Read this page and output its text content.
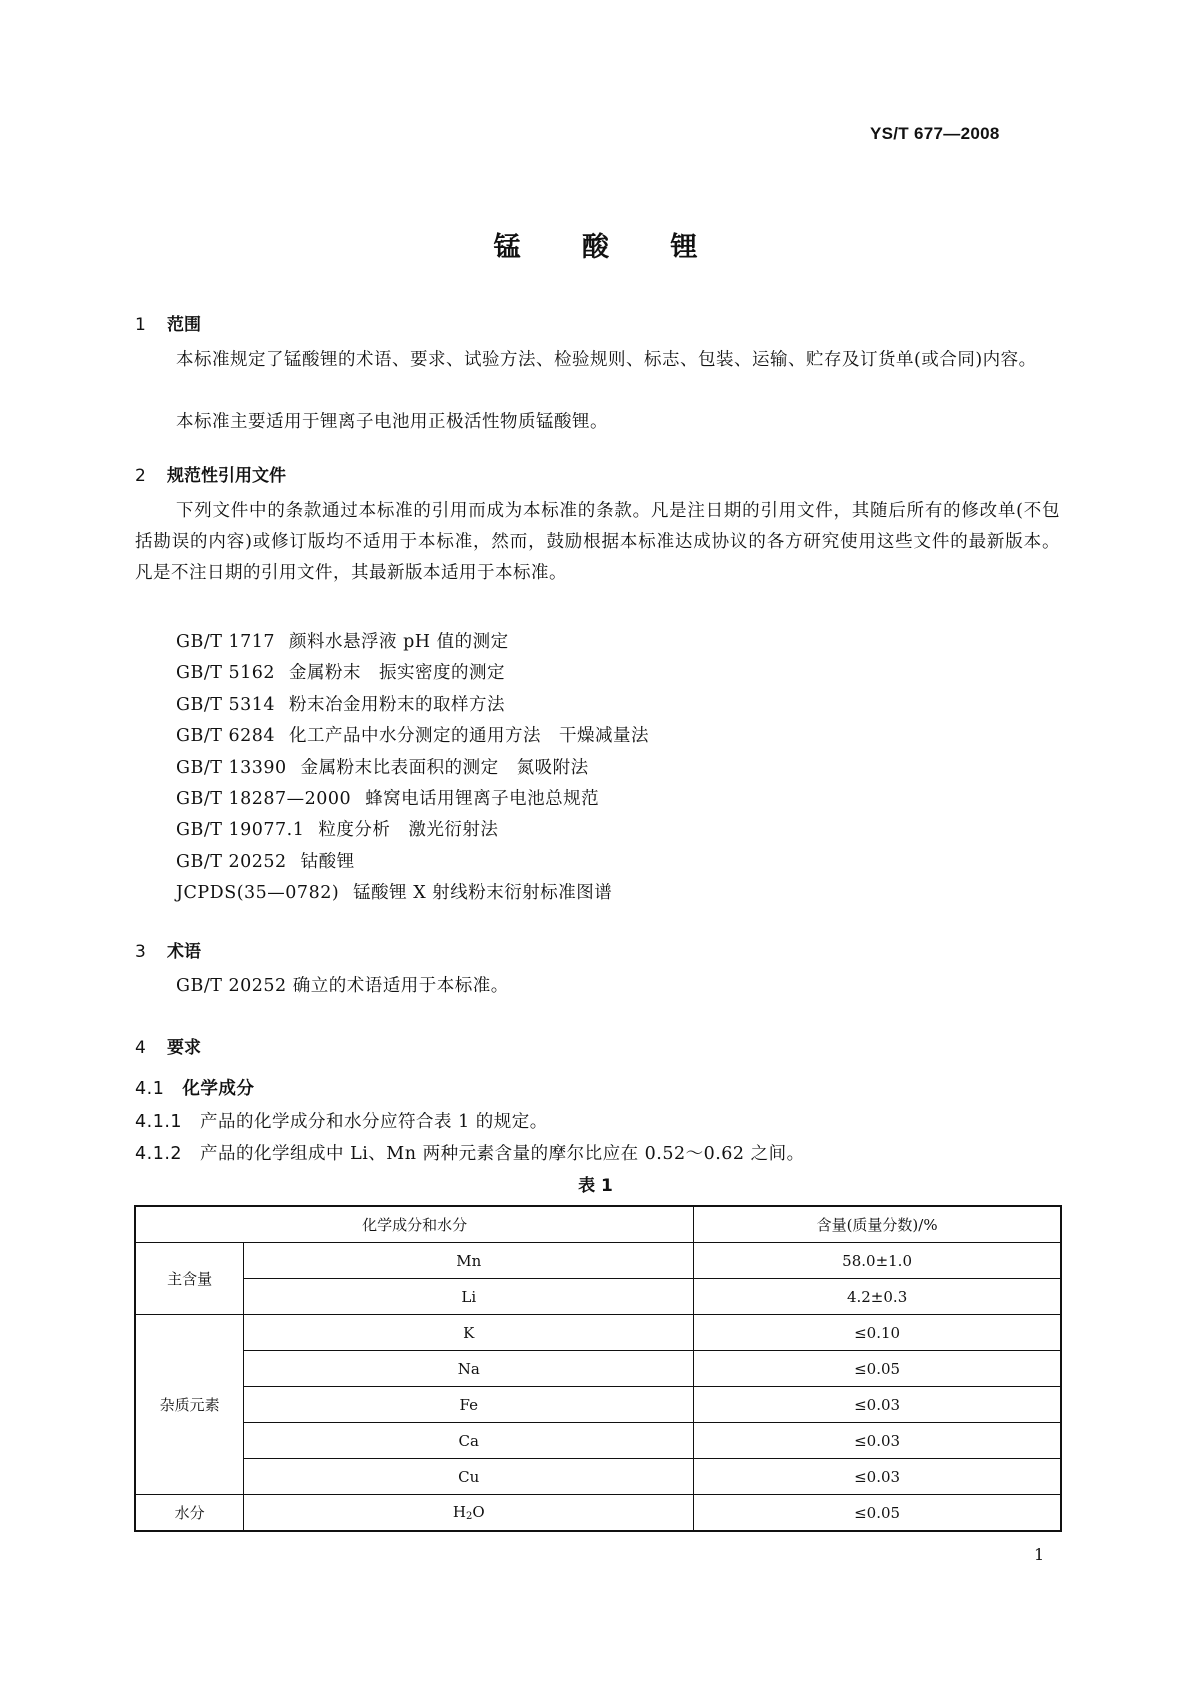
YS/T 677—2008
锰 酸 锂
1 范围
本标准规定了锰酸锂的术语、要求、试验方法、检验规则、标志、包装、运输、贮存及订货单(或合同)内容。
本标准主要适用于锂离子电池用正极活性物质锰酸锂。
2 规范性引用文件
下列文件中的条款通过本标准的引用而成为本标准的条款。凡是注日期的引用文件，其随后所有的修改单(不包括勘误的内容)或修订版均不适用于本标准，然而，鼓励根据本标准达成协议的各方研究使用这些文件的最新版本。凡是不注日期的引用文件，其最新版本适用于本标准。
GB/T 1717 颜料水悬浮液 pH 值的测定
GB/T 5162 金属粉末 振实密度的测定
GB/T 5314 粉末冶金用粉末的取样方法
GB/T 6284 化工产品中水分测定的通用方法 干燥减量法
GB/T 13390 金属粉末比表面积的测定 氮吸附法
GB/T 18287—2000 蜂窝电话用锂离子电池总规范
GB/T 19077.1 粒度分析 激光衍射法
GB/T 20252 钴酸锂
JCPDS(35—0782) 锰酸锂 X 射线粉末衍射标准图谱
3 术语
GB/T 20252 确立的术语适用于本标准。
4 要求
4.1 化学成分
4.1.1 产品的化学成分和水分应符合表 1 的规定。
4.1.2 产品的化学组成中 Li、Mn 两种元素含量的摩尔比应在 0.52～0.62 之间。
表 1
化学成分和水分		含量(质量分数)/%
主含量	Mn	58.0±1.0
	Li	4.2±0.3
杂质元素	K	≤0.10
	Na	≤0.05
	Fe	≤0.03
	Ca	≤0.03
	Cu	≤0.03
水分	$H_2O$	≤0.05
1
